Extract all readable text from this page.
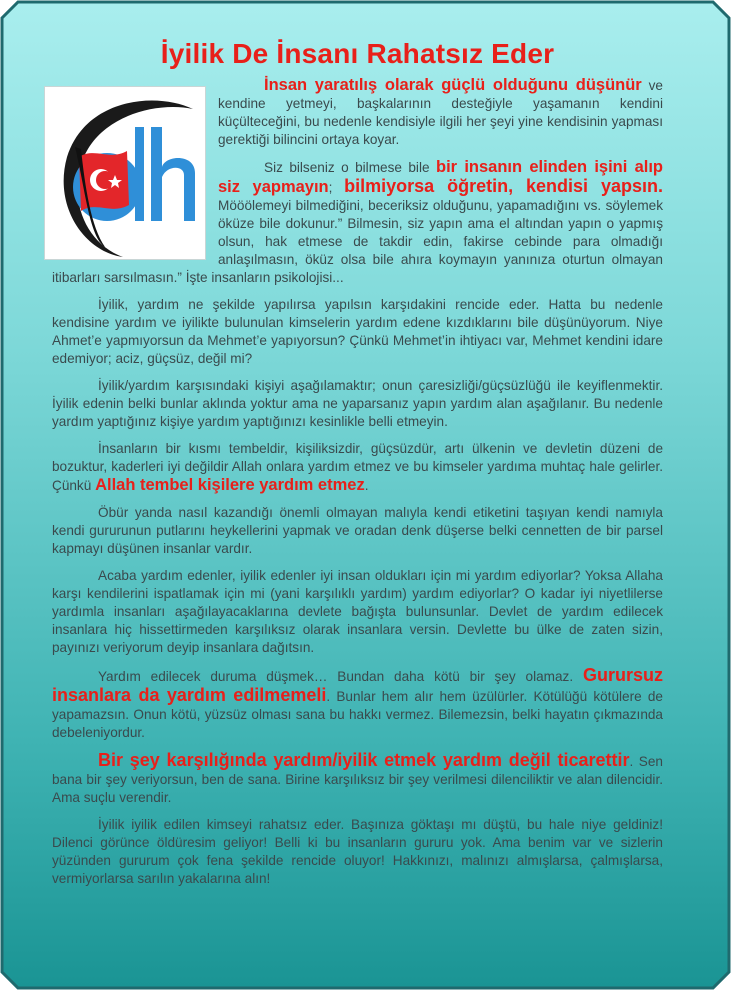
İyilik De İnsanı Rahatsız Eder

İnsan yaratılış olarak güçlü olduğunu düşünür ve kendine yetmeyi, başkalarının desteğiyle yaşamanın kendini küçülteceğini, bu nedenle kendisiyle ilgili her şeyi yine kendisinin yapması gerektiği bilincini ortaya koyar.

Siz bilseniz o bilmese bile bir insanın elinden işini alıp siz yapmayın; bilmiyorsa öğretin, kendisi yapsın. Mööölemeyi bilmediğini, beceriksiz olduğunu, yapamadığını vs. söylemek öküze bile dokunur.” Bilmesin, siz yapın ama el altından yapın o yapmış olsun, hak etmese de takdir edin, fakirse cebinde para olmadığı anlaşılmasın, öküz olsa bile ahıra koymayın yanınıza oturtun olmayan itibarları sarsılmasın.” İşte insanların psikolojisi...

İyilik, yardım ne şekilde yapılırsa yapılsın karşıdakini rencide eder. Hatta bu nedenle kendisine yardım ve iyilikte bulunulan kimselerin yardım edene kızdıklarını bile düşünüyorum. Niye Ahmet’e yapmıyorsun da Mehmet’e yapıyorsun? Çünkü Mehmet’in ihtiyacı var, Mehmet kendini idare edemiyor; aciz, güçsüz, değil mi?

İyilik/yardım karşısındaki kişiyi aşağılamaktır; onun çaresizliği/güçsüzlüğü ile keyiflenmektir. İyilik edenin belki bunlar aklında yoktur ama ne yaparsanız yapın yardım alan aşağılanır. Bu nedenle yardım yaptığınız kişiye yardım yaptığınızı kesinlikle belli etmeyin.

İnsanların bir kısmı tembeldir, kişiliksizdir, güçsüzdür, artı ülkenin ve devletin düzeni de bozuktur, kaderleri iyi değildir Allah onlara yardım etmez ve bu kimseler yardıma muhtaç hale gelirler. Çünkü Allah tembel kişilere yardım etmez.

Öbür yanda nasıl kazandığı önemli olmayan malıyla kendi etiketini taşıyan kendi namıyla kendi gururunun putlarını heykellerini yapmak ve oradan denk düşerse belki cennetten de bir parsel kapmayı düşünen insanlar vardır.

Acaba yardım edenler, iyilik edenler iyi insan oldukları için mi yardım ediyorlar? Yoksa Allaha karşı kendilerini ispatlamak için mi (yani karşılıklı yardım) yardım ediyorlar? O kadar iyi niyetlilerse yardımla insanları aşağılayacaklarına devlete bağışta bulunsunlar. Devlet de yardım edilecek insanlara hiç hissettirmeden karşılıksız olarak insanlara versin. Devlette bu ülke de zaten sizin, payınızı veriyorum deyip insanlara dağıtsın.

Yardım edilecek duruma düşmek… Bundan daha kötü bir şey olamaz. Gurursuz insanlara da yardım edilmemeli. Bunlar hem alır hem üzülürler. Kötülüğü kötülere de yapamazsın. Onun kötü, yüzsüz olması sana bu hakkı vermez. Bilemezsin, belki hayatın çıkmazında debeleniyordur.

Bir şey karşılığında yardım/iyilik etmek yardım değil ticarettir. Sen bana bir şey veriyorsun, ben de sana. Birine karşılıksız bir şey verilmesi dilenciliktir ve alan dilencidir. Ama suçlu verendir.

İyilik iyilik edilen kimseyi rahatsız eder. Başınıza göktaşı mı düştü, bu hale niye geldiniz! Dilenci görünce öldüresim geliyor! Belli ki bu insanların gururu yok. Ama benim var ve sizlerin yüzünden gururum çok fena şekilde rencide oluyor! Hakkınızı, malınızı almışlarsa, çalmışlarsa, vermiyorlarsa sarılın yakalarına alın!
